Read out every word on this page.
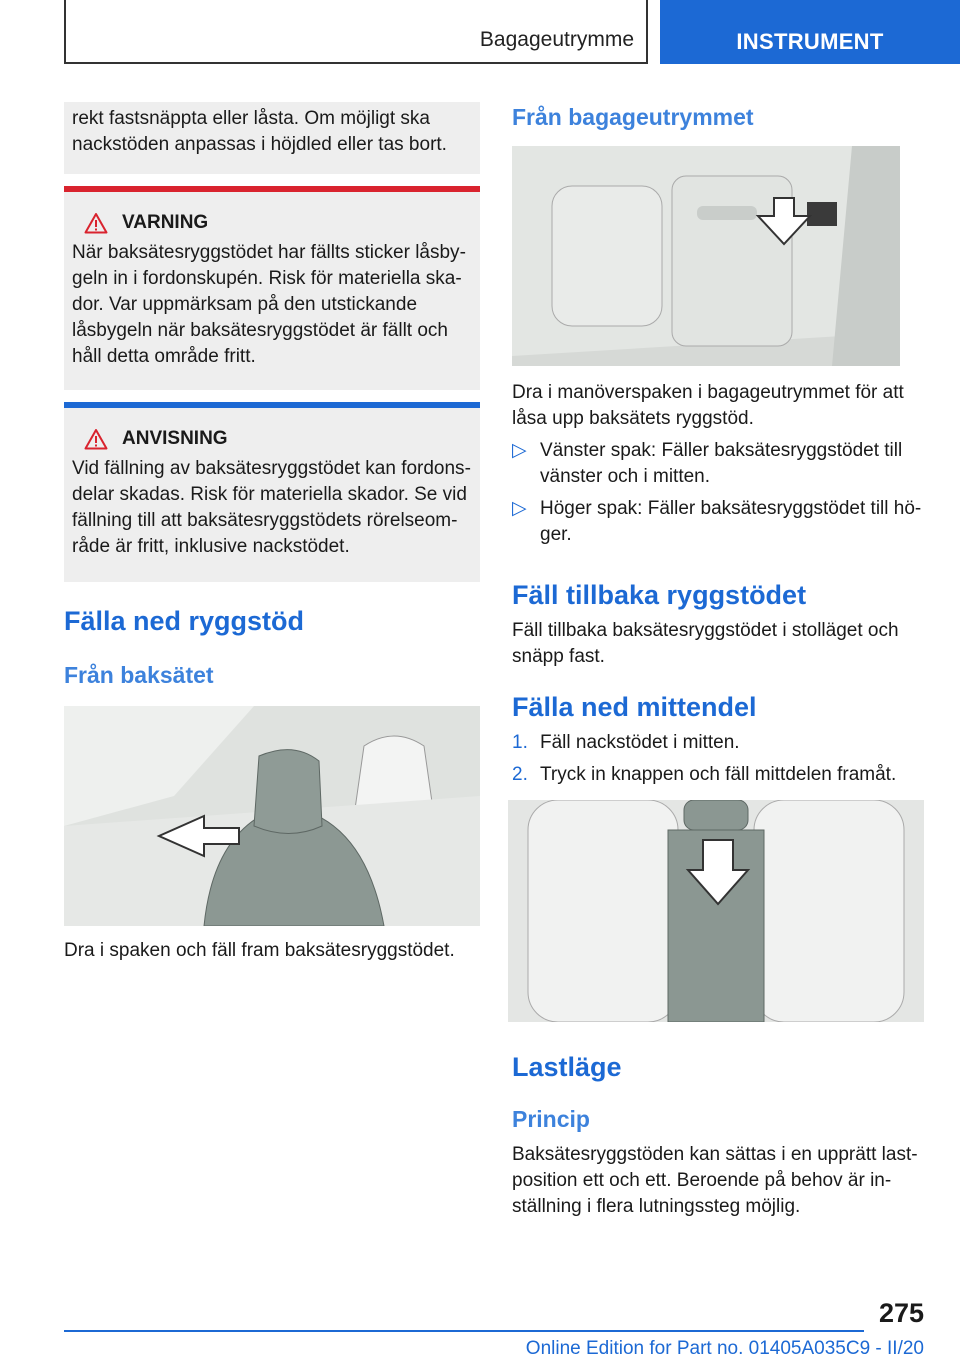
Bagageutrymme	INSTRUMENT

rekt fastsnäppta eller låsta. Om möjligt ska nackstöden anpassas i höjdled eller tas bort.

VARNING

När baksätesryggstödet har fällts sticker låsbygeln in i fordonskupén. Risk för materiella skador. Var uppmärksam på den utstickande låsbygeln när baksätesryggstödet är fällt och håll detta område fritt.

ANVISNING

Vid fällning av baksätesryggstödet kan fordonsdelar skadas. Risk för materiella skador. Se vid fällning till att baksätesryggstödets rörelseområde är fritt, inklusive nackstödet.

Fälla ned ryggstöd
Från baksätet
Dra i spaken och fäll fram baksätesryggstödet.
Från bagageutrymmet
Dra i manöverspaken i bagageutrymmet för att låsa upp baksätets ryggstöd.
▷ Vänster spak: Fäller baksätesryggstödet till vänster och i mitten.
▷ Höger spak: Fäller baksätesryggstödet till höger.
Fäll tillbaka ryggstödet
Fäll tillbaka baksätesryggstödet i stolläget och snäpp fast.
Fälla ned mittendel
1. Fäll nackstödet i mitten.
2. Tryck in knappen och fäll mittdelen framåt.
Lastläge
Princip
Baksätesryggstöden kan sättas i en upprätt lastposition ett och ett. Beroende på behov är inställning i flera lutningssteg möjlig.
275
Online Edition for Part no. 01405A035C9 - II/20
